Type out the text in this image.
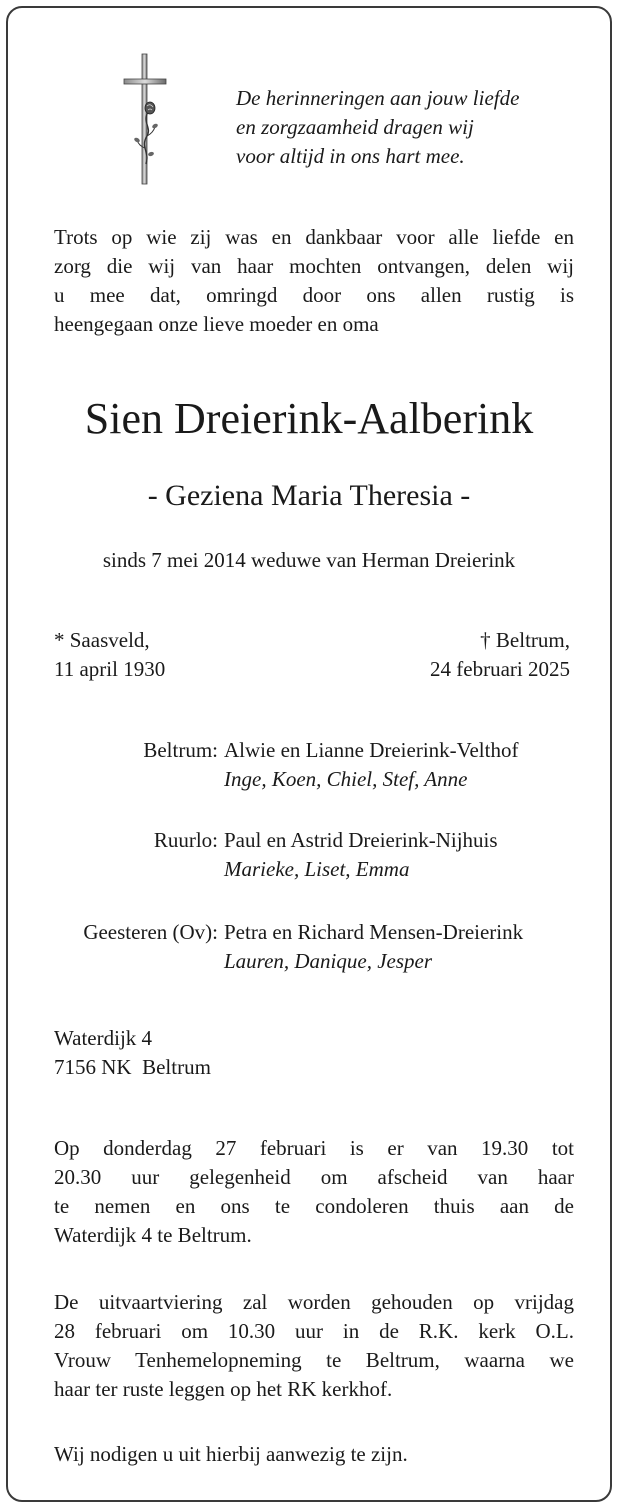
De herinneringen aan jouw liefde
en zorgzaamheid dragen wij
voor altijd in ons hart mee.

Trots op wie zij was en dankbaar voor alle liefde en
zorg die wij van haar mochten ontvangen, delen wij
u mee dat, omringd door ons allen rustig is
heengegaan onze lieve moeder en oma

Sien Dreierink-Aalberink

- Geziena Maria Theresia -

sinds 7 mei 2014 weduwe van Herman Dreierink

* Saasveld,
11 april 1930
† Beltrum,
24 februari 2025
Beltrum: Alwie en Lianne Dreierink-Velthof
Inge, Koen, Chiel, Stef, Anne
Ruurlo: Paul en Astrid Dreierink-Nijhuis
Marieke, Liset, Emma
Geesteren (Ov): Petra en Richard Mensen-Dreierink
Lauren, Danique, Jesper
Waterdijk 4
7156 NK  Beltrum

Op donderdag 27 februari is er van 19.30 tot
20.30 uur gelegenheid om afscheid van haar
te nemen en ons te condoleren thuis aan de
Waterdijk 4 te Beltrum.

De uitvaartviering zal worden gehouden op vrijdag
28 februari om 10.30 uur in de R.K. kerk O.L.
Vrouw Tenhemelopneming te Beltrum, waarna we
haar ter ruste leggen op het RK kerkhof.

Wij nodigen u uit hierbij aanwezig te zijn.
